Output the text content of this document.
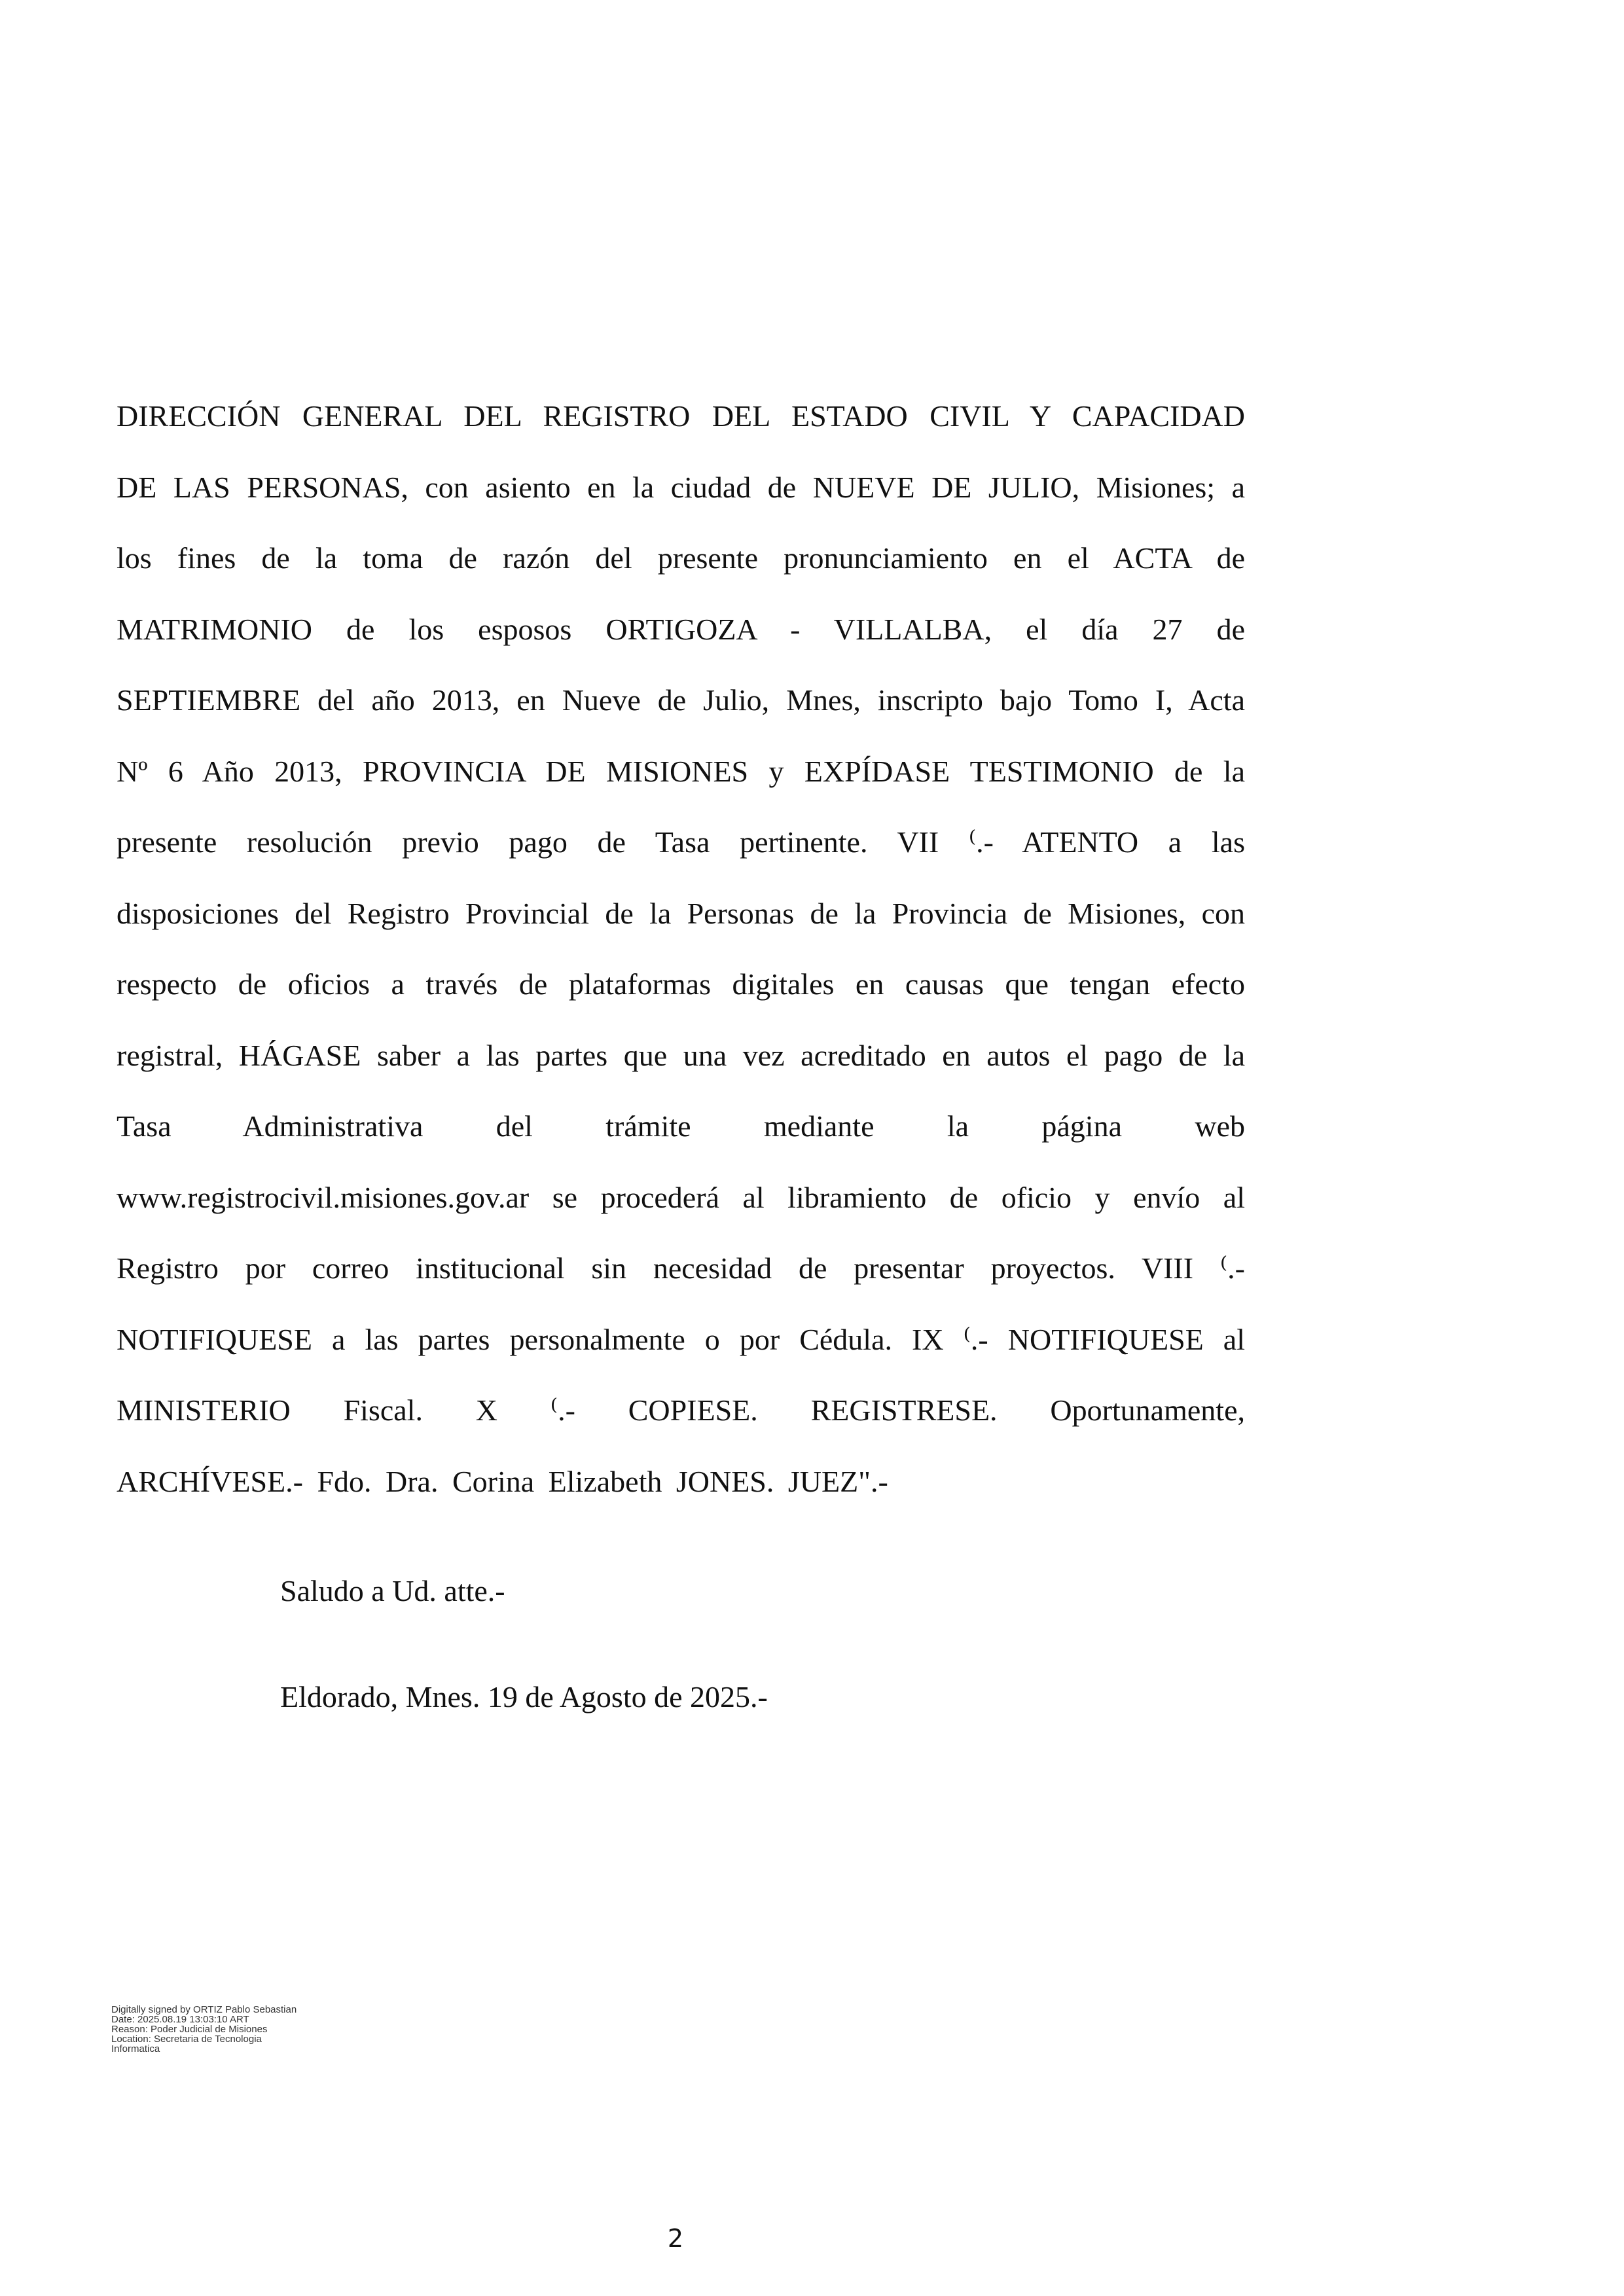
DIRECCIÓN GENERAL DEL REGISTRO DEL ESTADO CIVIL Y CAPACIDAD
DE LAS PERSONAS, con asiento en la ciudad de NUEVE DE JULIO, Misiones; a
los fines de la toma de razón del presente pronunciamiento en el ACTA de
MATRIMONIO de los esposos ORTIGOZA - VILLALBA, el día 27 de
SEPTIEMBRE del año 2013, en Nueve de Julio, Mnes, inscripto bajo Tomo I, Acta
Nº 6 Año 2013, PROVINCIA DE MISIONES y EXPÍDASE TESTIMONIO de la
presente resolución previo pago de Tasa pertinente. VII ⁽.- ATENTO a las
disposiciones del Registro Provincial de la Personas de la Provincia de Misiones, con
respecto de oficios a través de plataformas digitales en causas que tengan efecto
registral, HÁGASE saber a las partes que una vez acreditado en autos el pago de la
Tasa Administrativa del trámite mediante la página web
www.registrocivil.misiones.gov.ar se procederá al libramiento de oficio y envío al
Registro por correo institucional sin necesidad de presentar proyectos. VIII ⁽.-
NOTIFIQUESE a las partes personalmente o por Cédula. IX ⁽.- NOTIFIQUESE al
MINISTERIO Fiscal. X ⁽.- COPIESE. REGISTRESE. Oportunamente,
ARCHÍVESE.- Fdo. Dra. Corina Elizabeth JONES. JUEZ".-
Saludo a Ud. atte.-
Eldorado, Mnes. 19 de Agosto de 2025.-
Digitally signed by ORTIZ Pablo Sebastian
Date: 2025.08.19 13:03:10 ART
Reason: Poder Judicial de Misiones
Location: Secretaria de Tecnologia
Informatica
2
